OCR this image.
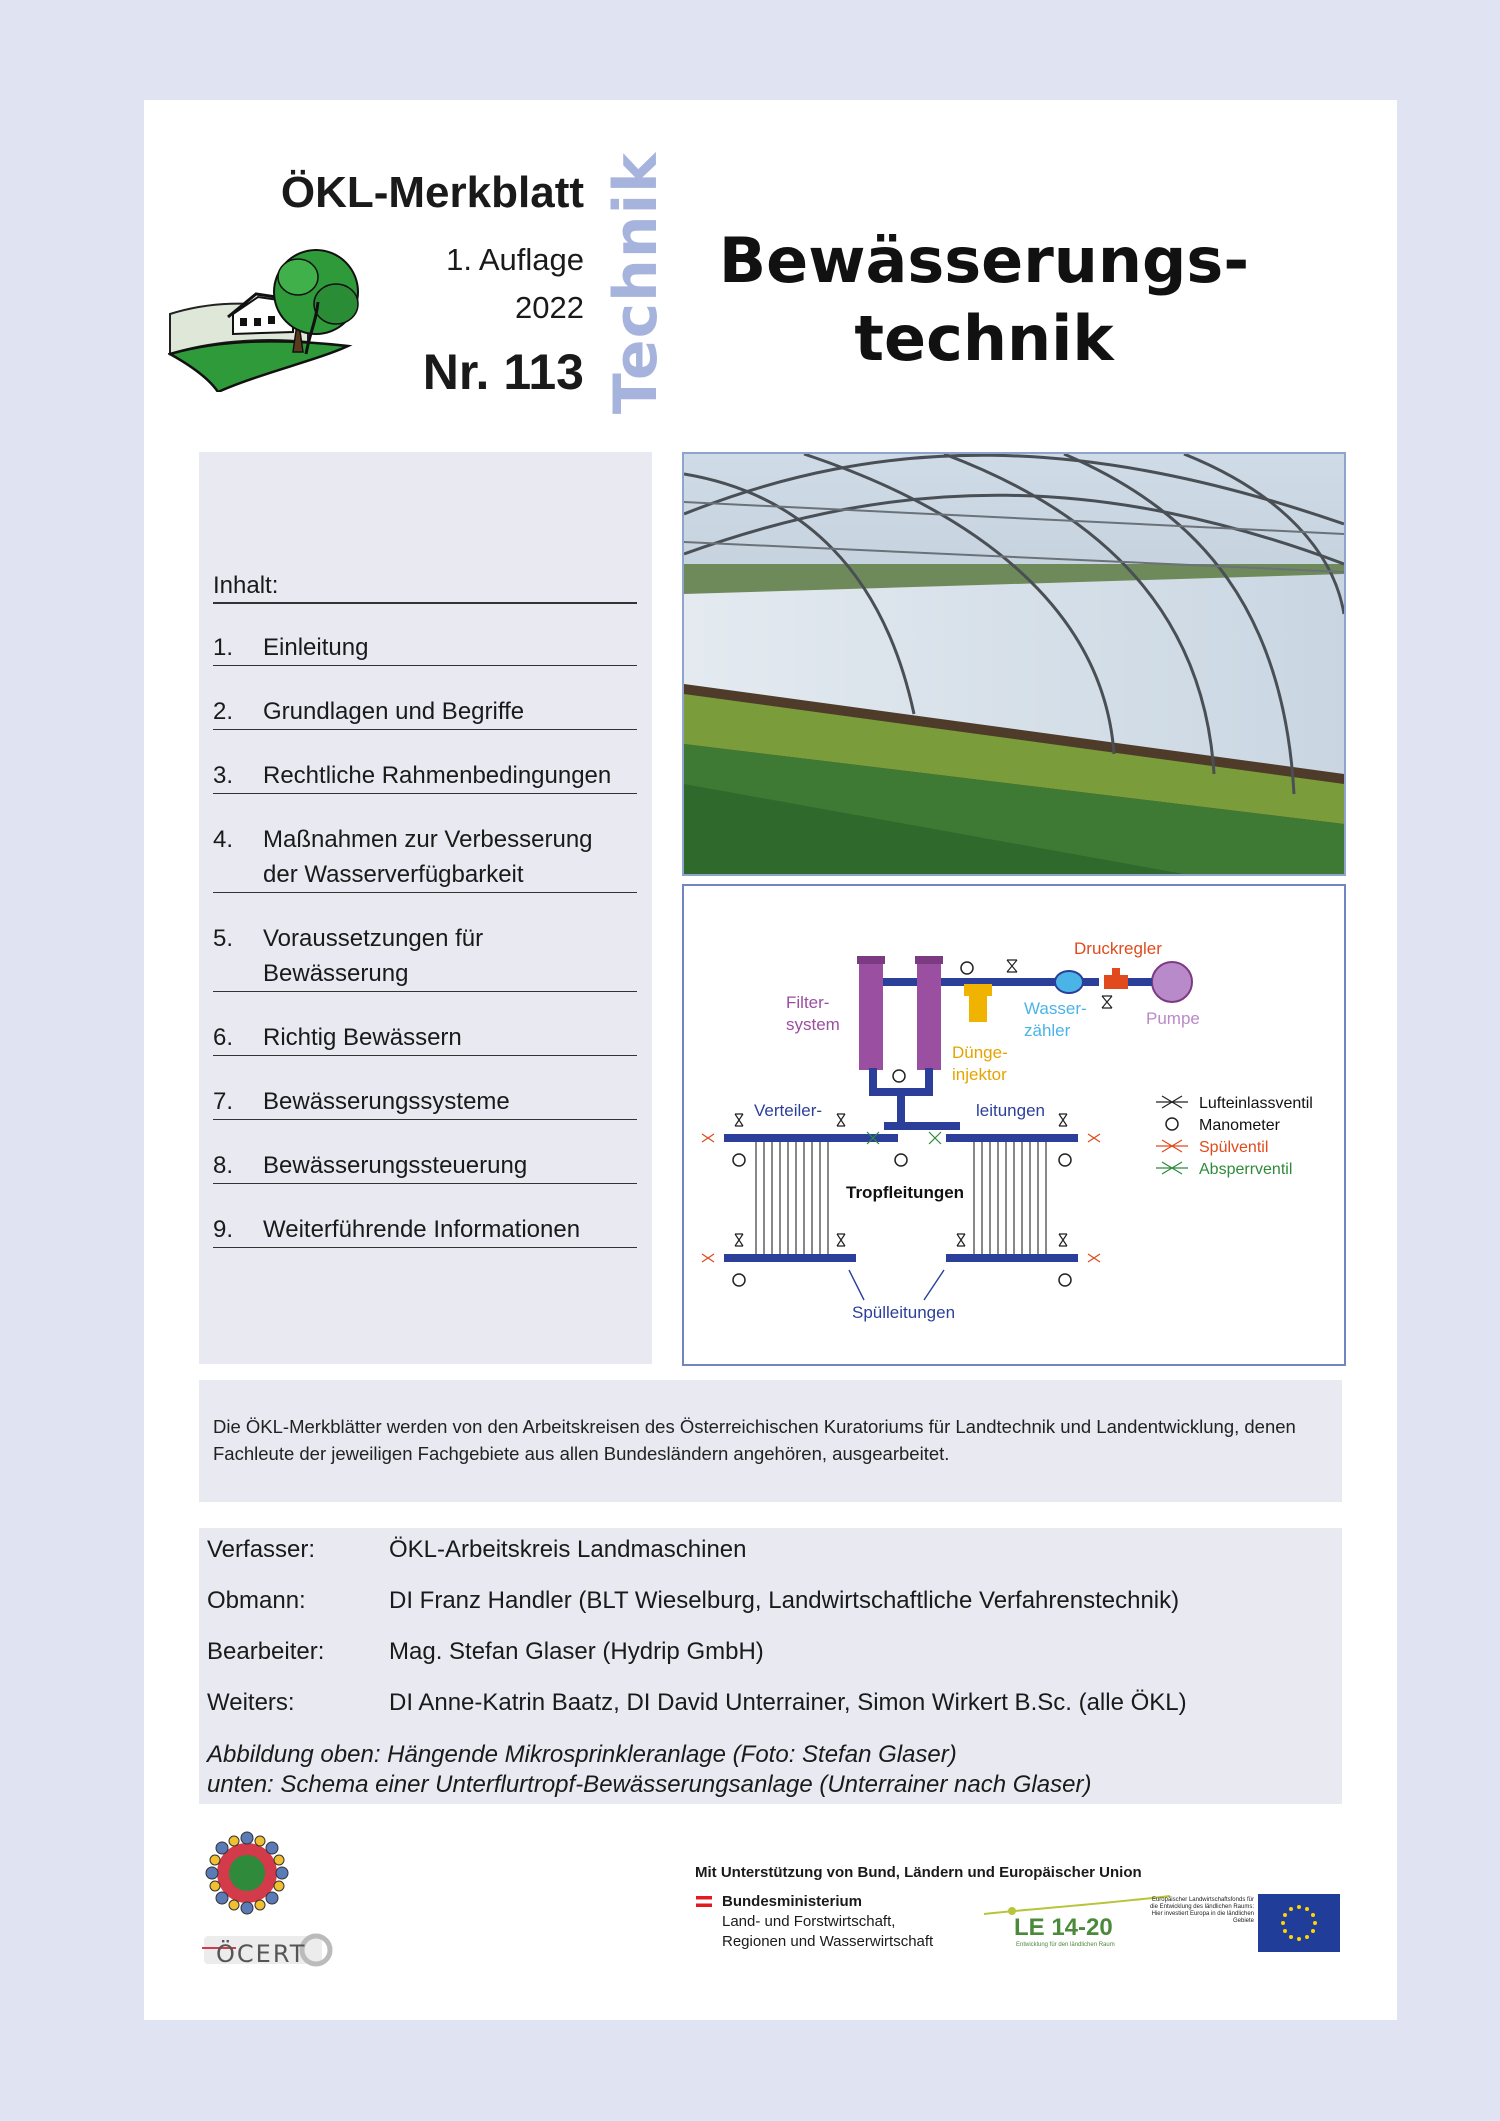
ÖKL-Merkblatt
1. Auflage
2022
Nr. 113 Technik Bewässerungs-
technik
Inhalt:
1.	Einleitung
2.	Grundlagen und Begriffe
3.	Rechtliche Rahmenbedingungen
4.	Maßnahmen zur Verbesserung
der Wasserverfügbarkeit
5.	Voraussetzungen für
Bewässerung
6.	Richtig Bewässern
7.	Bewässerungssysteme
8.	Bewässerungssteuerung
9.	Weiterführende Informationen
Druckregler
Filter-
system
Wasser-
zähler
Pumpe
Dünge-
injektor
Verteiler-	leitungen
Tropfleitungen
Spülleitungen
Lufteinlassventil
Manometer
Spülventil
Absperrventil

Die ÖKL-Merkblätter werden von den Arbeitskreisen des Österreichischen Kuratoriums für Landtechnik und Landentwicklung, denen Fachleute der jeweiligen Fachgebiete aus allen Bundesländern angehören, ausgearbeitet.

Verfasser:	ÖKL-Arbeitskreis Landmaschinen
Obmann:	DI Franz Handler (BLT Wieselburg, Landwirtschaftliche Verfahrenstechnik)
Bearbeiter:	Mag. Stefan Glaser (Hydrip GmbH)
Weiters:	DI Anne-Katrin Baatz, DI David Unterrainer, Simon Wirkert B.Sc. (alle ÖKL)
Abbildung oben: Hängende Mikrosprinkleranlage (Foto: Stefan Glaser)
unten: Schema einer Unterflurtropf-Bewässerungsanlage (Unterrainer nach Glaser)
ÖCERT
Mit Unterstützung von Bund, Ländern und Europäischer Union
Bundesministerium
Land- und Forstwirtschaft,
Regionen und Wasserwirtschaft
LE 14-20
Entwicklung für den ländlichen Raum
Europäischer Landwirtschaftsfonds für die Entwicklung des ländlichen Raums: Hier investiert Europa in die ländlichen Gebiete
